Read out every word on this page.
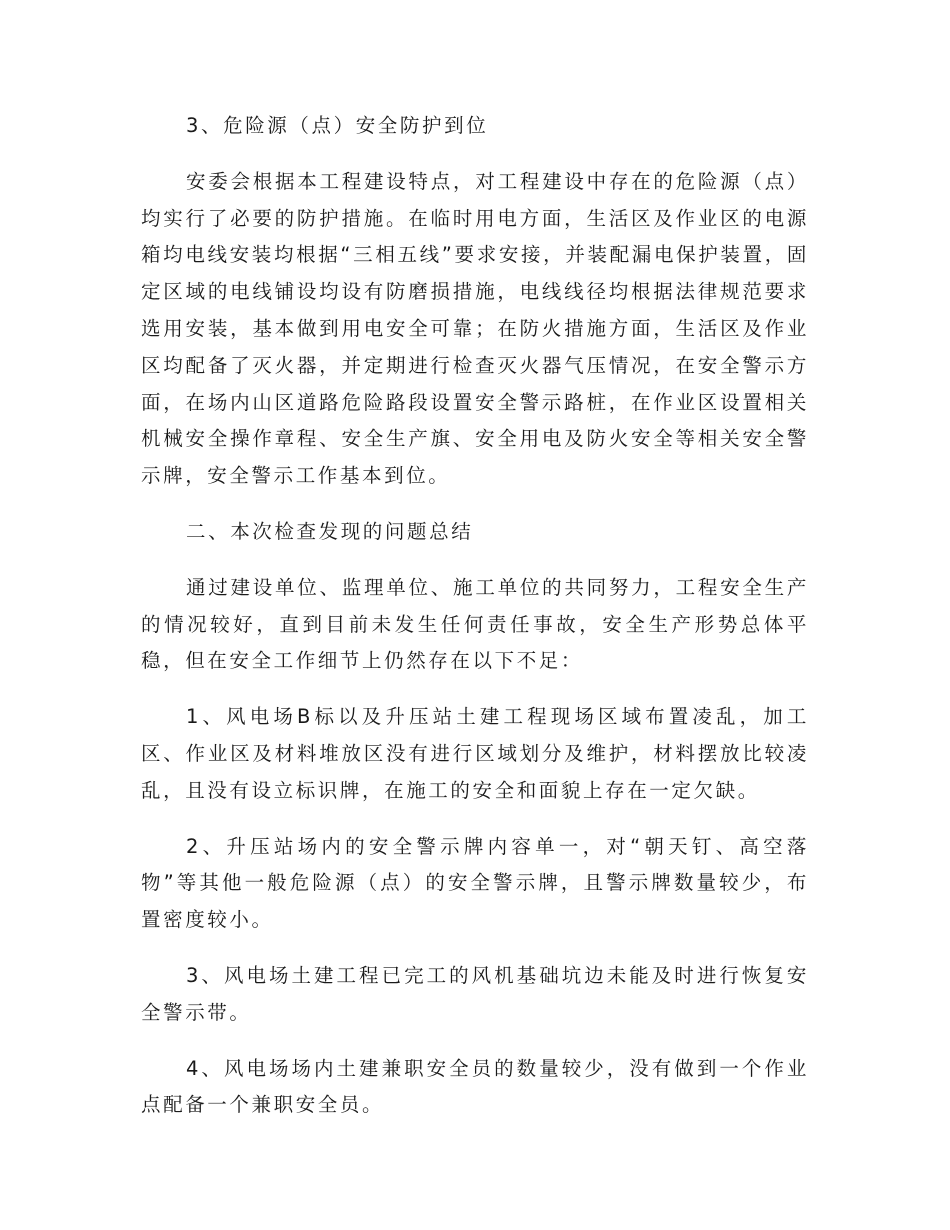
3、危险源（点）安全防护到位

安委会根据本工程建设特点，对工程建设中存在的危险源（点）均实行了必要的防护措施。在临时用电方面，生活区及作业区的电源箱均电线安装均根据“三相五线”要求安接，并装配漏电保护装置，固定区域的电线铺设均设有防磨损措施，电线线径均根据法律规范要求选用安装，基本做到用电安全可靠；在防火措施方面，生活区及作业区均配备了灭火器，并定期进行检查灭火器气压情况，在安全警示方面，在场内山区道路危险路段设置安全警示路桩，在作业区设置相关机械安全操作章程、安全生产旗、安全用电及防火安全等相关安全警示牌，安全警示工作基本到位。

二、本次检查发现的问题总结

通过建设单位、监理单位、施工单位的共同努力，工程安全生产的情况较好，直到目前未发生任何责任事故，安全生产形势总体平稳，但在安全工作细节上仍然存在以下不足：

1、风电场B标以及升压站土建工程现场区域布置凌乱，加工区、作业区及材料堆放区没有进行区域划分及维护，材料摆放比较凌乱，且没有设立标识牌，在施工的安全和面貌上存在一定欠缺。

2、升压站场内的安全警示牌内容单一，对“朝天钉、高空落物”等其他一般危险源（点）的安全警示牌，且警示牌数量较少，布置密度较小。

3、风电场土建工程已完工的风机基础坑边未能及时进行恢复安全警示带。

4、风电场场内土建兼职安全员的数量较少，没有做到一个作业点配备一个兼职安全员。
